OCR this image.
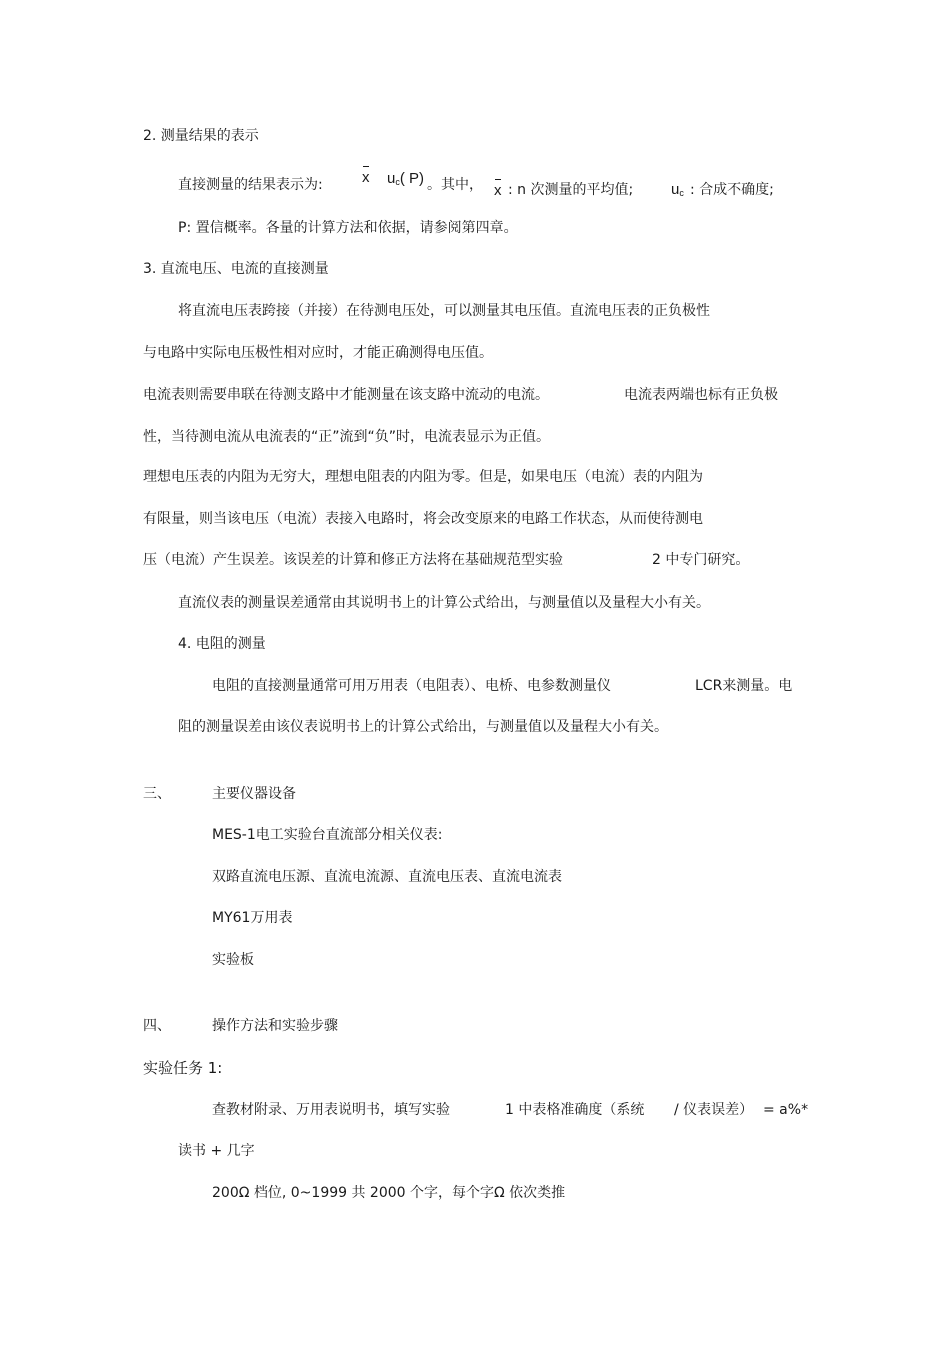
2. 测量结果的表示
直接测量的结果表示为:	x $u_c$( P) 。其中， x : n 次测量的平均值;	$u_c$ : 合成不确度;
P: 置信概率。各量的计算方法和依据，请参阅第四章。
3. 直流电压、电流的直接测量
将直流电压表跨接（并接）在待测电压处，可以测量其电压值。直流电压表的正负极性
与电路中实际电压极性相对应时，才能正确测得电压值。
电流表则需要串联在待测支路中才能测量在该支路中流动的电流。	电流表两端也标有正负极
性，当待测电流从电流表的“正”流到“负”时，电流表显示为正值。
理想电压表的内阻为无穷大，理想电阻表的内阻为零。但是，如果电压（电流）表的内阻为
有限量，则当该电压（电流）表接入电路时，将会改变原来的电路工作状态，从而使待测电
压（电流）产生误差。该误差的计算和修正方法将在基础规范型实验	2 中专门研究。
直流仪表的测量误差通常由其说明书上的计算公式给出，与测量值以及量程大小有关。
4. 电阻的测量
电阻的直接测量通常可用万用表（电阻表）、电桥、电参数测量仪	LCR来测量。电
阻的测量误差由该仪表说明书上的计算公式给出，与测量值以及量程大小有关。
三、	主要仪器设备
MES-1电工实验台直流部分相关仪表:
双路直流电压源、直流电流源、直流电压表、直流电流表
MY61万用表
实验板
四、	操作方法和实验步骤
实验任务 1:
查教材附录、万用表说明书，填写实验	1 中表格准确度（系统 / 仪表误差） = a%*
读书 + 几字
200Ω 档位, 0~1999 共 2000 个字，每个字Ω 依次类推
